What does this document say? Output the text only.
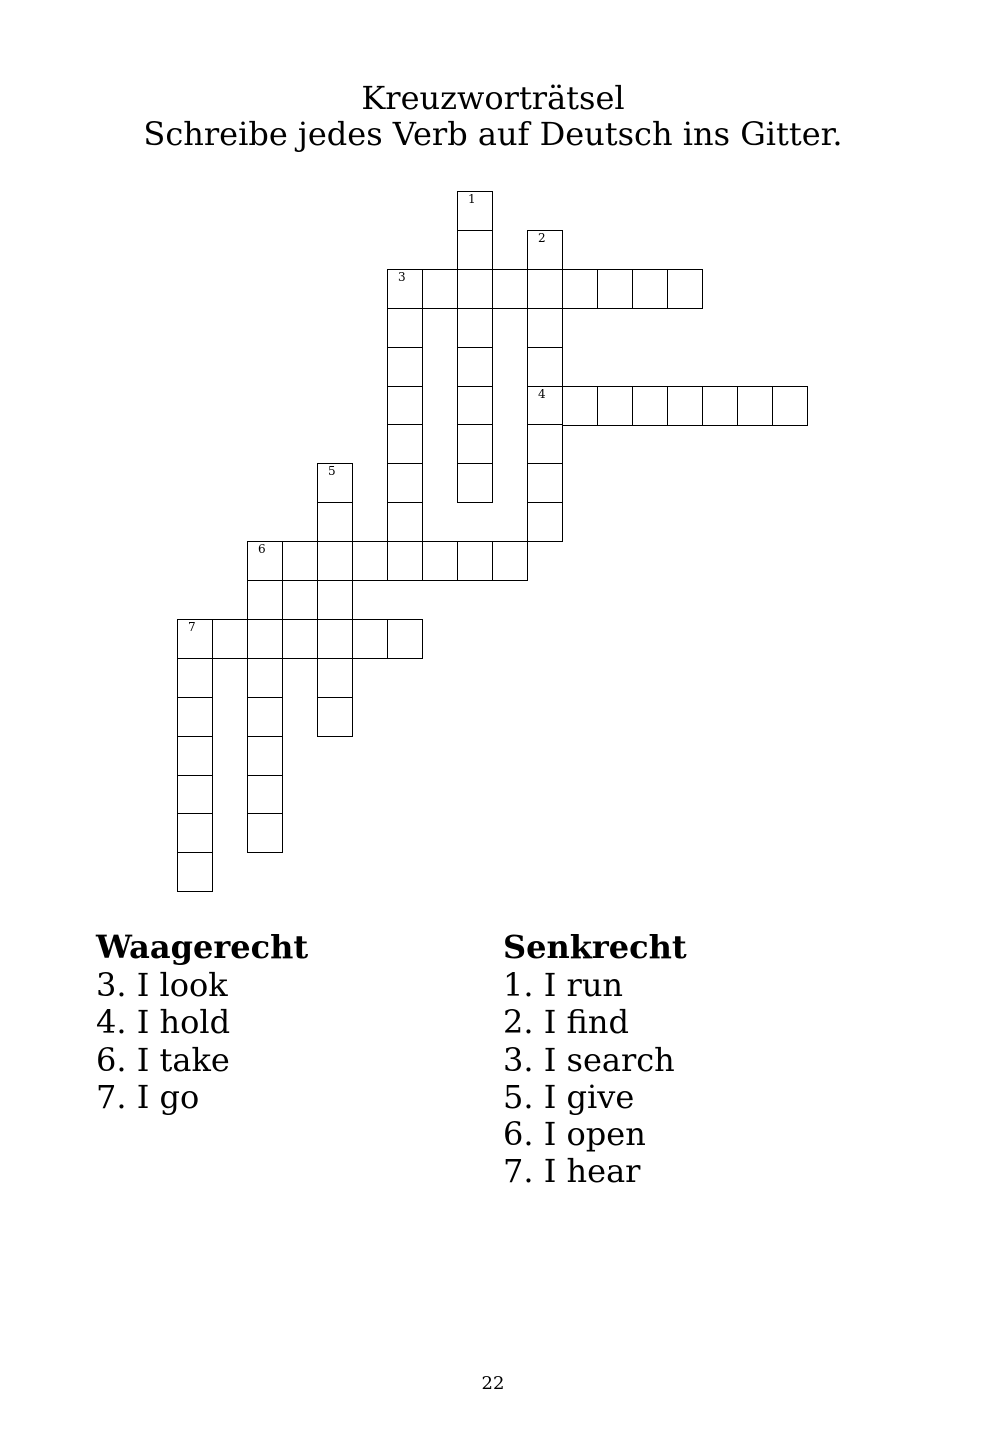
Kreuzworträtsel
Schreibe jedes Verb auf Deutsch ins Gitter.
1
2
4
3
5
6
7
Waagerecht
3. I look
4. I hold
6. I take
7. I go
Senkrecht
1. I run
2. I find
3. I search
5. I give
6. I open
7. I hear
22
